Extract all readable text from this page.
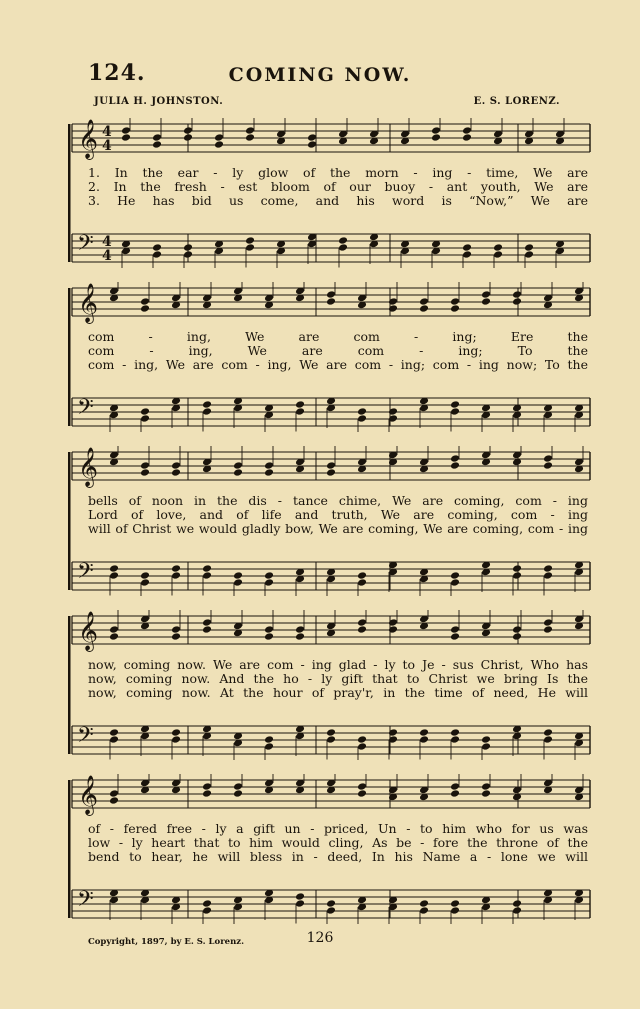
124.	COMING NOW.
JULIA H. JOHNSTON.	E. S. LORENZ.
𝄞 4
4
𝄢 4
4
1. In the ear - ly glow of the morn - ing - time, We are
2. In the fresh - est bloom of our buoy - ant youth, We are
3. He has bid us come, and his word is “Now,” We are
𝄞
𝄢
com - ing, We are com - ing; Ere the
com - ing, We are com - ing; To the
com - ing, We are com - ing, We are com - ing; com - ing now; To the
𝄞
𝄢
bells of noon in the dis - tance chime, We are coming, com - ing
Lord of love, and of life and truth, We are coming, com - ing
will of Christ we would gladly bow, We are coming, We are coming, com - ing
𝄞
𝄢
now, coming now. We are com - ing glad - ly to Je - sus Christ, Who has
now, coming now. And the ho - ly gift that to Christ we bring Is the
now, coming now. At the hour of pray'r, in the time of need, He will
𝄞
𝄢
of - fered free - ly a gift un - priced, Un - to him who for us was
low - ly heart that to him would cling, As be - fore the throne of the
bend to hear, he will bless in - deed, In his Name a - lone we will
Copyright, 1897, by E. S. Lorenz.	126
